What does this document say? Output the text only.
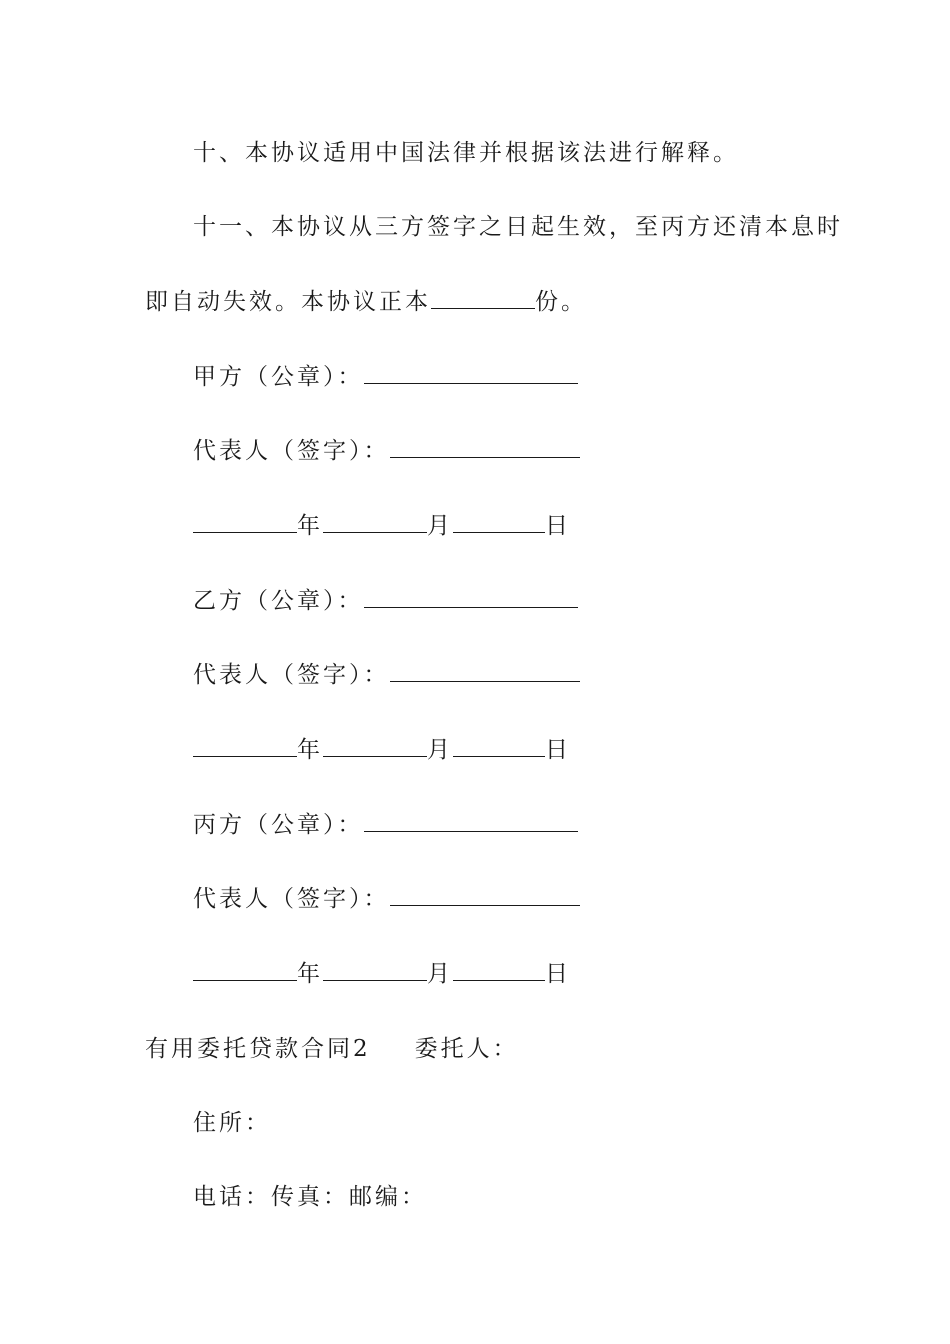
十、本协议适用中国法律并根据该法进行解释。
十一、本协议从三方签字之日起生效，至丙方还清本息时
即自动失效。本协议正本	份。
甲方（公章）：
代表人（签字）：
年	月	日
乙方（公章）：
代表人（签字）：
年	月	日
丙方（公章）：
代表人（签字）：
年	月	日
有用委托贷款合同2 委托人：
住所：
电话：传真：邮编：
